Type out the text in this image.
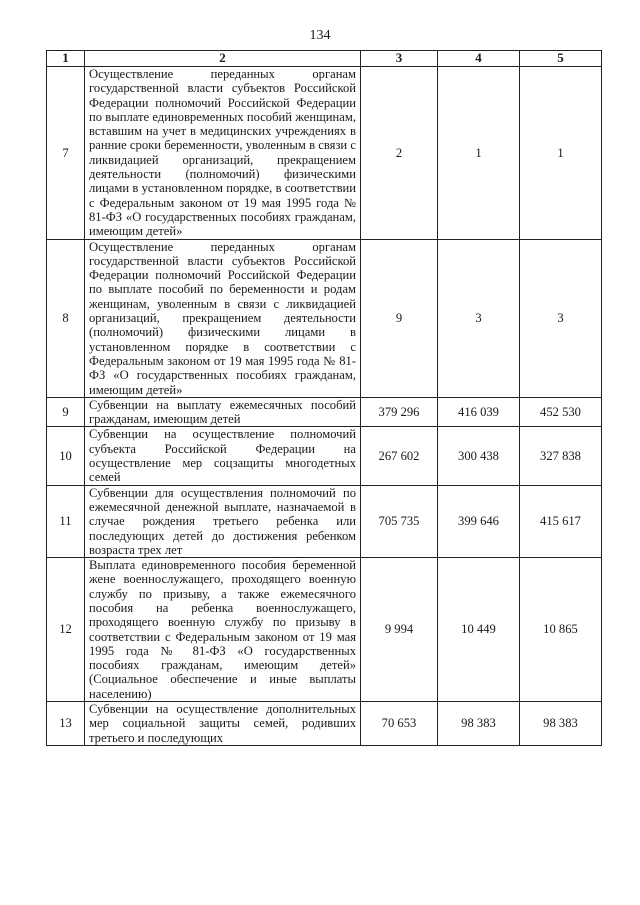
134
1	2	3	4	5
7	Осуществление переданных органам государственной власти субъектов Российской Федерации полномочий Российской Федерации по выплате единовременных пособий женщинам, вставшим на учет в медицинских учреждениях в ранние сроки беременности, уволенным в связи с ликвидацией организаций, прекращением деятельности (полномочий) физическими лицами в установленном порядке, в соответствии с Федеральным законом от 19 мая 1995 года № 81-ФЗ «О государственных пособиях гражданам, имеющим детей»	2	1	1
8	Осуществление переданных органам государственной власти субъектов Российской Федерации полномочий Российской Федерации по выплате пособий по беременности и родам женщинам, уволенным в связи с ликвидацией организаций, прекращением деятельности (полномочий) физическими лицами в установленном порядке в соответствии с Федеральным законом от 19 мая 1995 года № 81-ФЗ «О государственных пособиях гражданам, имеющим детей»	9	3	3
9	Субвенции на выплату ежемесячных пособий гражданам, имеющим детей	379 296	416 039	452 530
10	Субвенции на осуществление полномочий субъекта Российской Федерации на осуществление мер соцзащиты многодетных семей	267 602	300 438	327 838
11	Субвенции для осуществления полномочий по ежемесячной денежной выплате, назначаемой в случае рождения третьего ребенка или последующих детей до достижения ребенком возраста трех лет	705 735	399 646	415 617
12	Выплата единовременного пособия беременной жене военнослужащего, проходящего военную службу по призыву, а также ежемесячного пособия на ребенка военнослужащего, проходящего военную службу по призыву в соответствии с Федеральным законом от 19 мая 1995 года № 81-ФЗ «О государственных пособиях гражданам, имеющим детей» (Социальное обеспечение и иные выплаты населению)	9 994	10 449	10 865
13	Субвенции на осуществление дополнительных мер социальной защиты семей, родивших третьего и последующих	70 653	98 383	98 383
